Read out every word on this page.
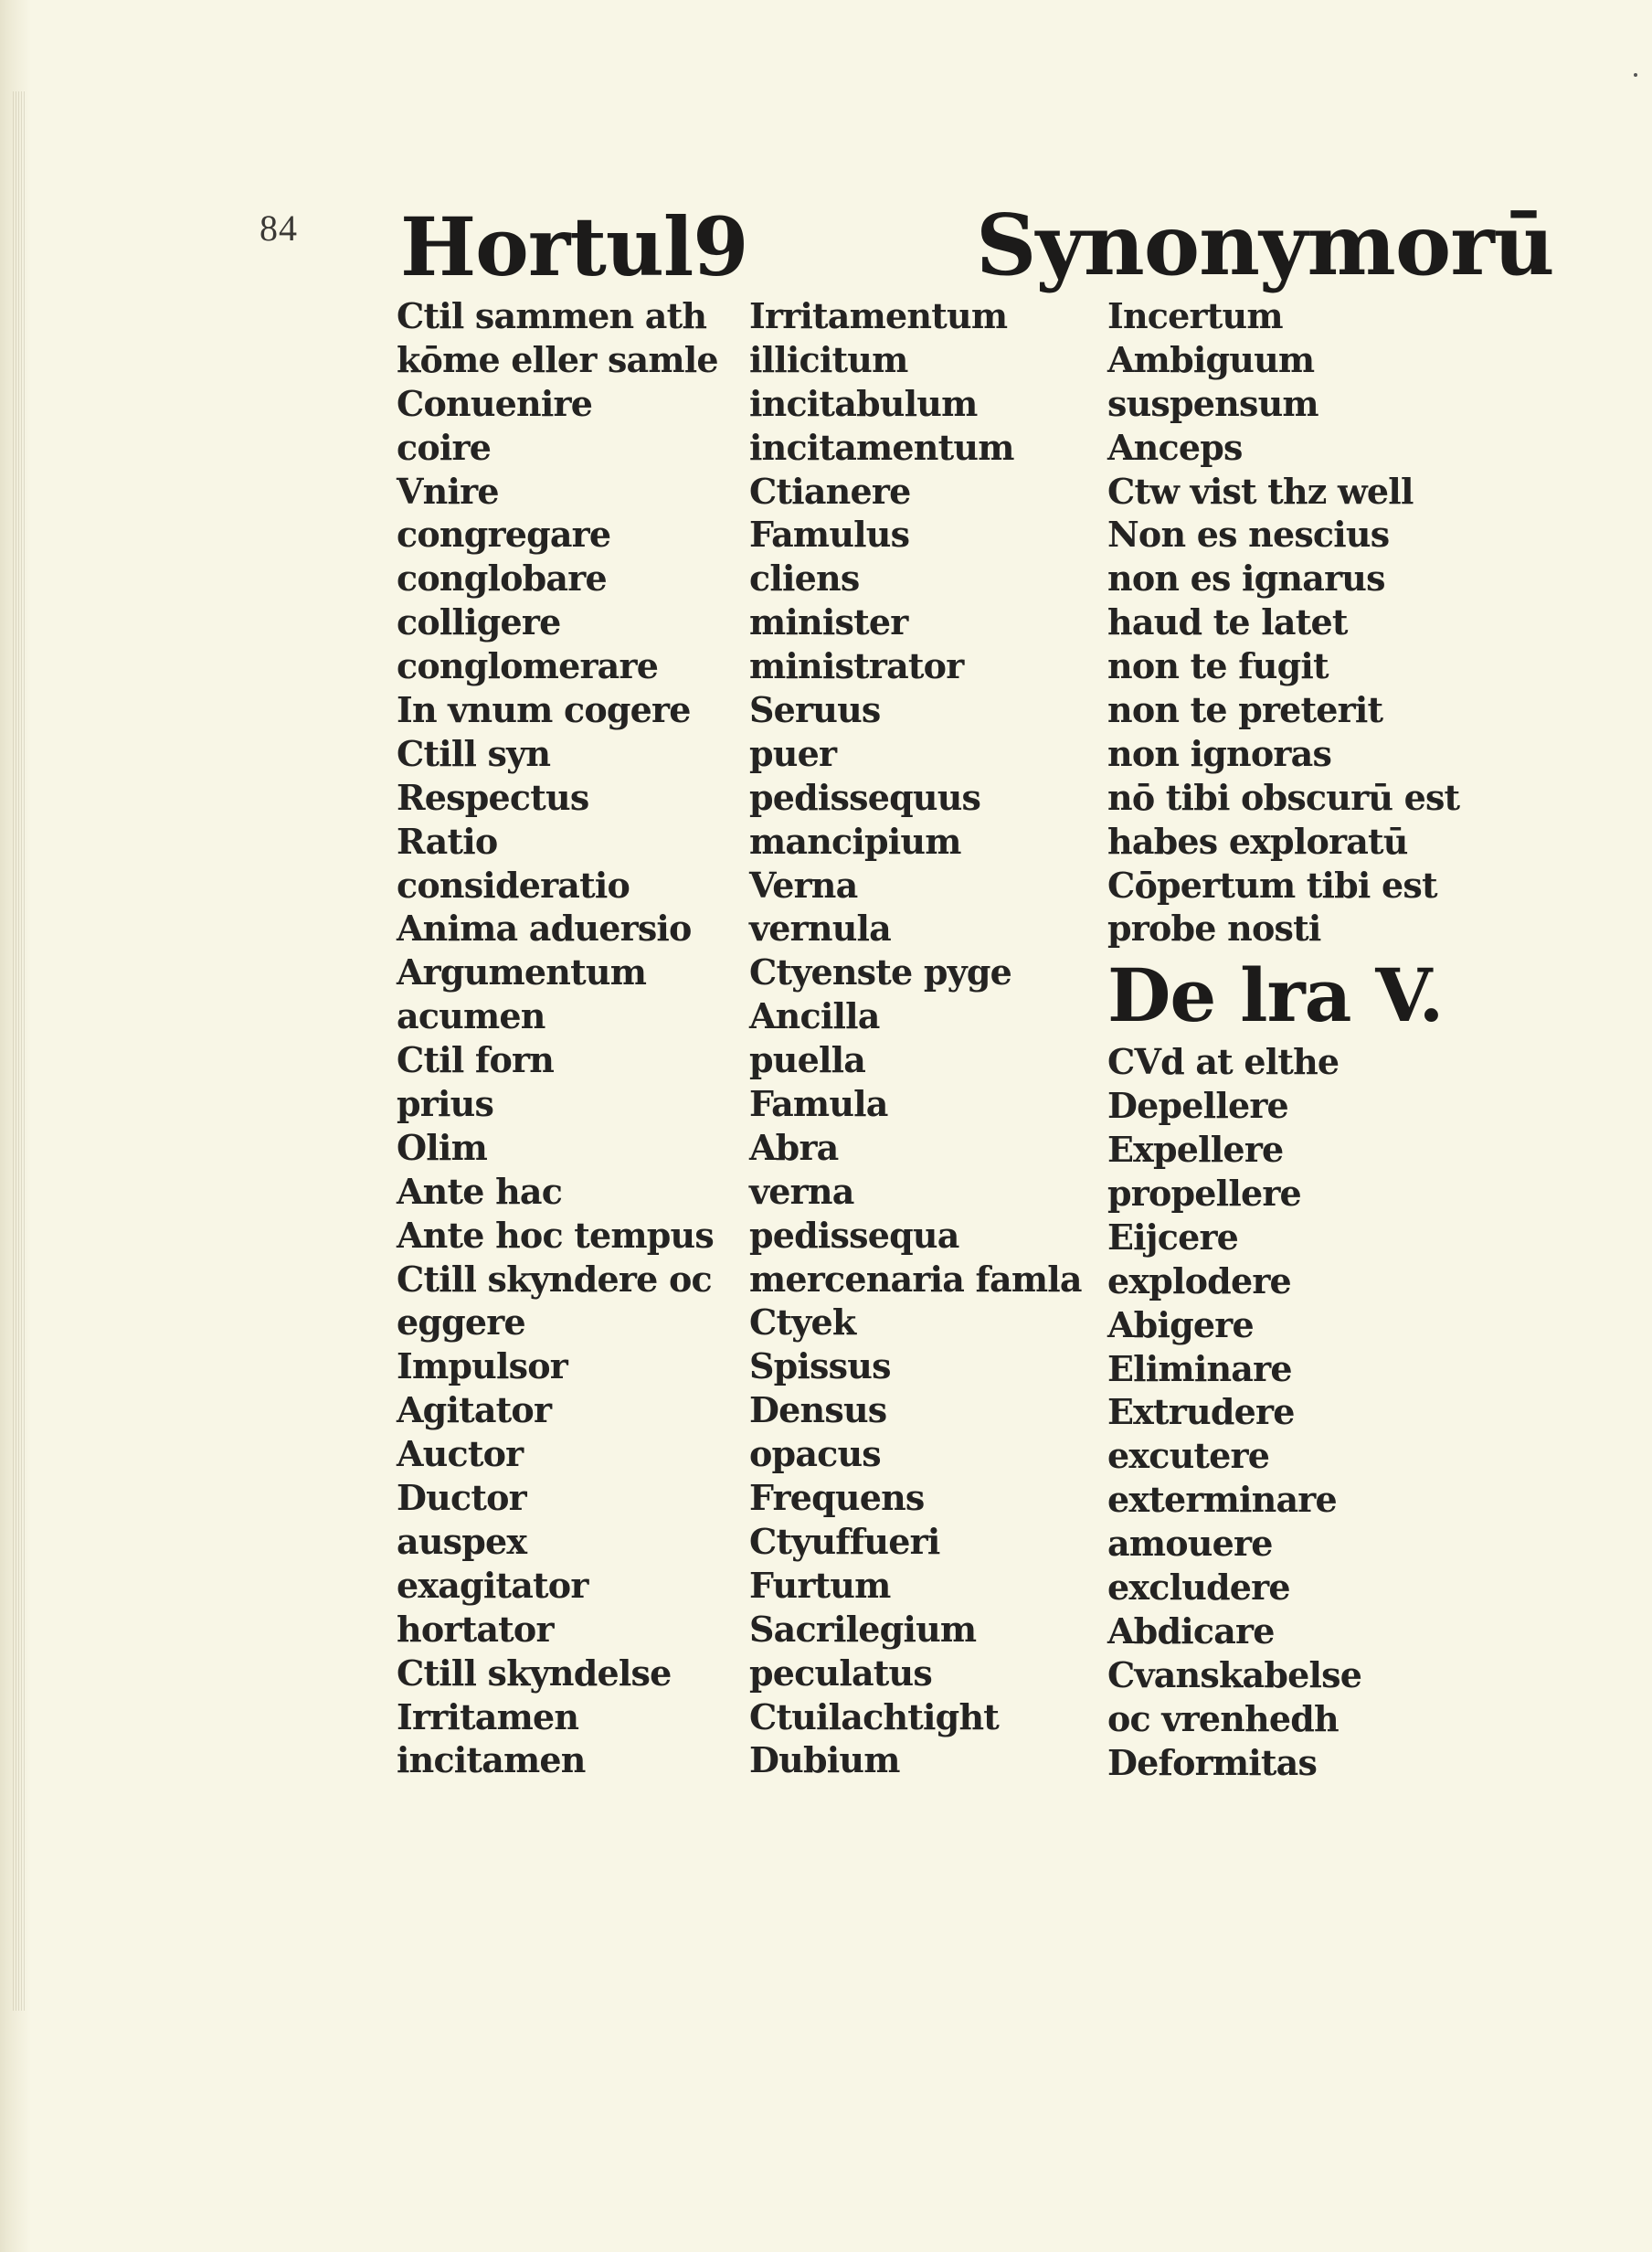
84 Hortul9	Synonymorū
Ctil sammen ath
kōme eller samle
Conuenire
coire
Vnire
congregare
conglobare
colligere
conglomerare
In vnum cogere
Ctill syn
Respectus
Ratio
consideratio
Anima aduersio
Argumentum
acumen
Ctil forn
prius
Olim
Ante hac
Ante hoc tempus
Ctill skyndere oc
eggere
Impulsor
Agitator
Auctor
Ductor
auspex
exagitator
hortator
Ctill skyndelse
Irritamen
incitamen
Irritamentum
illicitum
incitabulum
incitamentum
Ctianere
Famulus
cliens
minister
ministrator
Seruus
puer
pedissequus
mancipium
Verna
vernula
Ctyenste pyge
Ancilla
puella
Famula
Abra
verna
pedissequa
mercenaria famla
Ctyek
Spissus
Densus
opacus
Frequens
Ctyuffueri
Furtum
Sacrilegium
peculatus
Ctuilachtight
Dubium
Incertum
Ambiguum
suspensum
Anceps
Ctw vist thz well
Non es nescius
non es ignarus
haud te latet
non te fugit
non te preterit
non ignoras
nō tibi obscurū est
habes exploratū
Cōpertum tibi est
probe nosti
De lra V.
CVd at elthe
Depellere
Expellere
propellere
Eijcere
explodere
Abigere
Eliminare
Extrudere
excutere
exterminare
amouere
excludere
Abdicare
Cvanskabelse
oc vrenhedh
Deformitas
